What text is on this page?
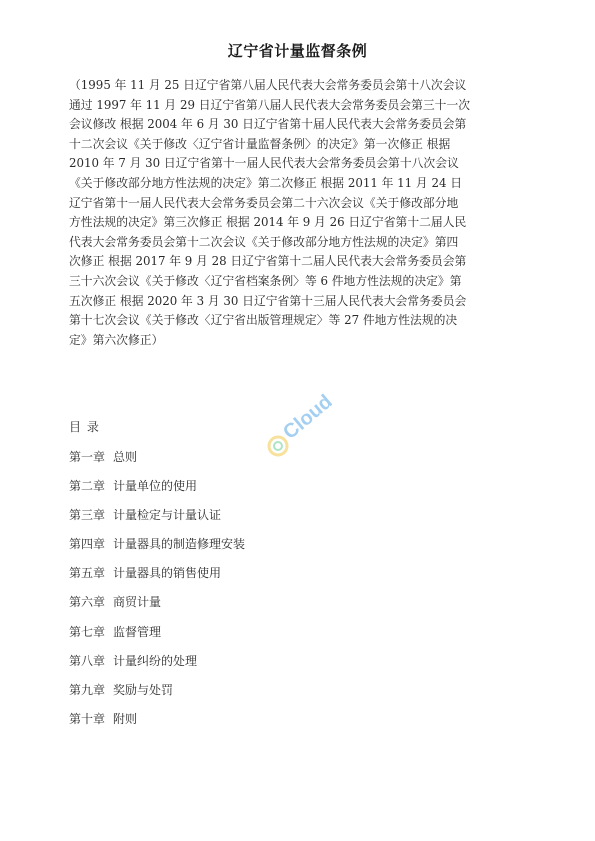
辽宁省计量监督条例
（1995 年 11 月 25 日辽宁省第八届人民代表大会常务委员会第十八次会议
通过 1997 年 11 月 29 日辽宁省第八届人民代表大会常务委员会第三十一次
会议修改 根据 2004 年 6 月 30 日辽宁省第十届人民代表大会常务委员会第
十二次会议《关于修改〈辽宁省计量监督条例〉的决定》第一次修正 根据
2010 年 7 月 30 日辽宁省第十一届人民代表大会常务委员会第十八次会议
《关于修改部分地方性法规的决定》第二次修正 根据 2011 年 11 月 24 日
辽宁省第十一届人民代表大会常务委员会第二十六次会议《关于修改部分地
方性法规的决定》第三次修正 根据 2014 年 9 月 26 日辽宁省第十二届人民
代表大会常务委员会第十二次会议《关于修改部分地方性法规的决定》第四
次修正 根据 2017 年 9 月 28 日辽宁省第十二届人民代表大会常务委员会第
三十六次会议《关于修改〈辽宁省档案条例〉等 6 件地方性法规的决定》第
五次修正 根据 2020 年 3 月 30 日辽宁省第十三届人民代表大会常务委员会
第十七次会议《关于修改〈辽宁省出版管理规定〉等 27 件地方性法规的决
定》第六次修正）
Cloud
目 录
第一章 总则
第二章 计量单位的使用
第三章 计量检定与计量认证
第四章 计量器具的制造修理安装
第五章 计量器具的销售使用
第六章 商贸计量
第七章 监督管理
第八章 计量纠纷的处理
第九章 奖励与处罚
第十章 附则
